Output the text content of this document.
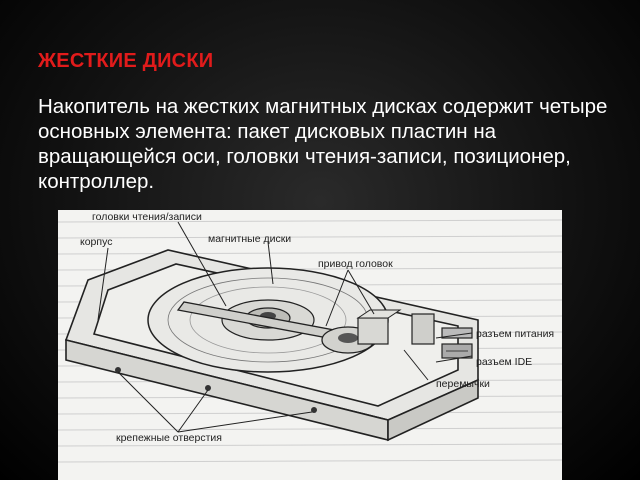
ЖЕСТКИЕ ДИСКИ
Накопитель на жестких магнитных дисках содержит четыре основных элемента: пакет дисковых пластин на вращающейся оси, головки чтения-записи, позиционер, контроллер.
головки чтения/записи
корпус	магнитные диски
привод головок
разъем питания
разъем IDE
перемычки
крепежные отверстия
